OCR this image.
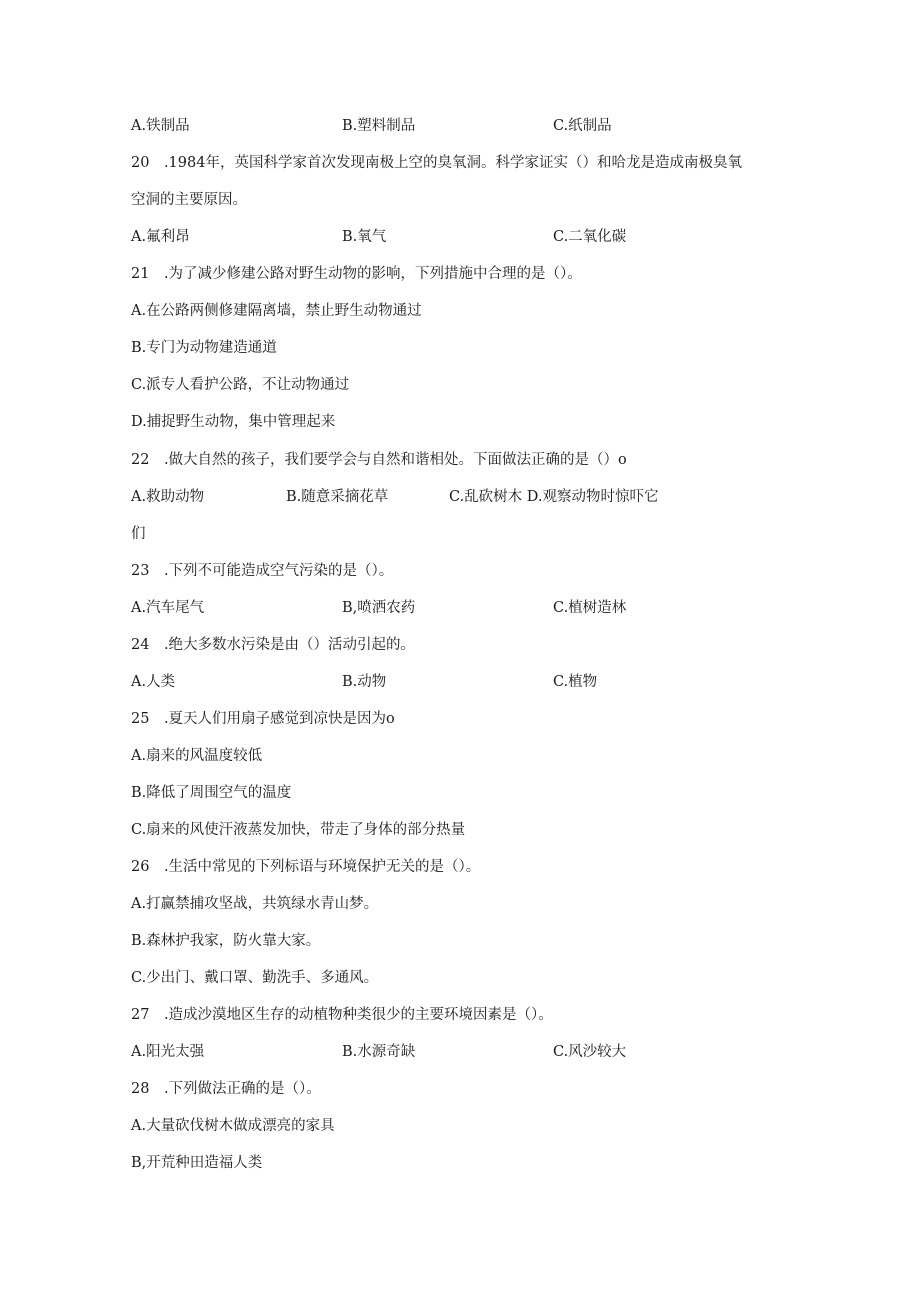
A.铁制品	B.塑料制品	C.纸制品
20　.1984年，英国科学家首次发现南极上空的臭氧洞。科学家证实（）和哈龙是造成南极臭氧
空洞的主要原因。
A.氟利昂	B.氧气	C.二氧化碳
21　.为了减少修建公路对野生动物的影响，下列措施中合理的是（）。
A.在公路两侧修建隔离墙，禁止野生动物通过
B.专门为动物建造通道
C.派专人看护公路，不让动物通过
D.捕捉野生动物，集中管理起来
22　.做大自然的孩子，我们要学会与自然和谐相处。下面做法正确的是（）o
A.救助动物	B.随意采摘花草	C.乱砍树木 D.观察动物时惊吓它
们
23　.下列不可能造成空气污染的是（）。
A.汽车尾气	B,喷洒农药	C.植树造林
24　.绝大多数水污染是由（）活动引起的。
A.人类	B.动物	C.植物
25　.夏天人们用扇子感觉到凉快是因为o
A.扇来的风温度较低
B.降低了周围空气的温度
C.扇来的风使汗液蒸发加快，带走了身体的部分热量
26　.生活中常见的下列标语与环境保护无关的是（）。
A.打赢禁捕攻坚战，共筑绿水青山梦。
B.森林护我家，防火靠大家。
C.少出门、戴口罩、勤洗手、多通风。
27　.造成沙漠地区生存的动植物种类很少的主要环境因素是（）。
A.阳光太强	B.水源奇缺	C.风沙较大
28　.下列做法正确的是（）。
A.大量砍伐树木做成漂亮的家具
B,开荒种田造福人类
